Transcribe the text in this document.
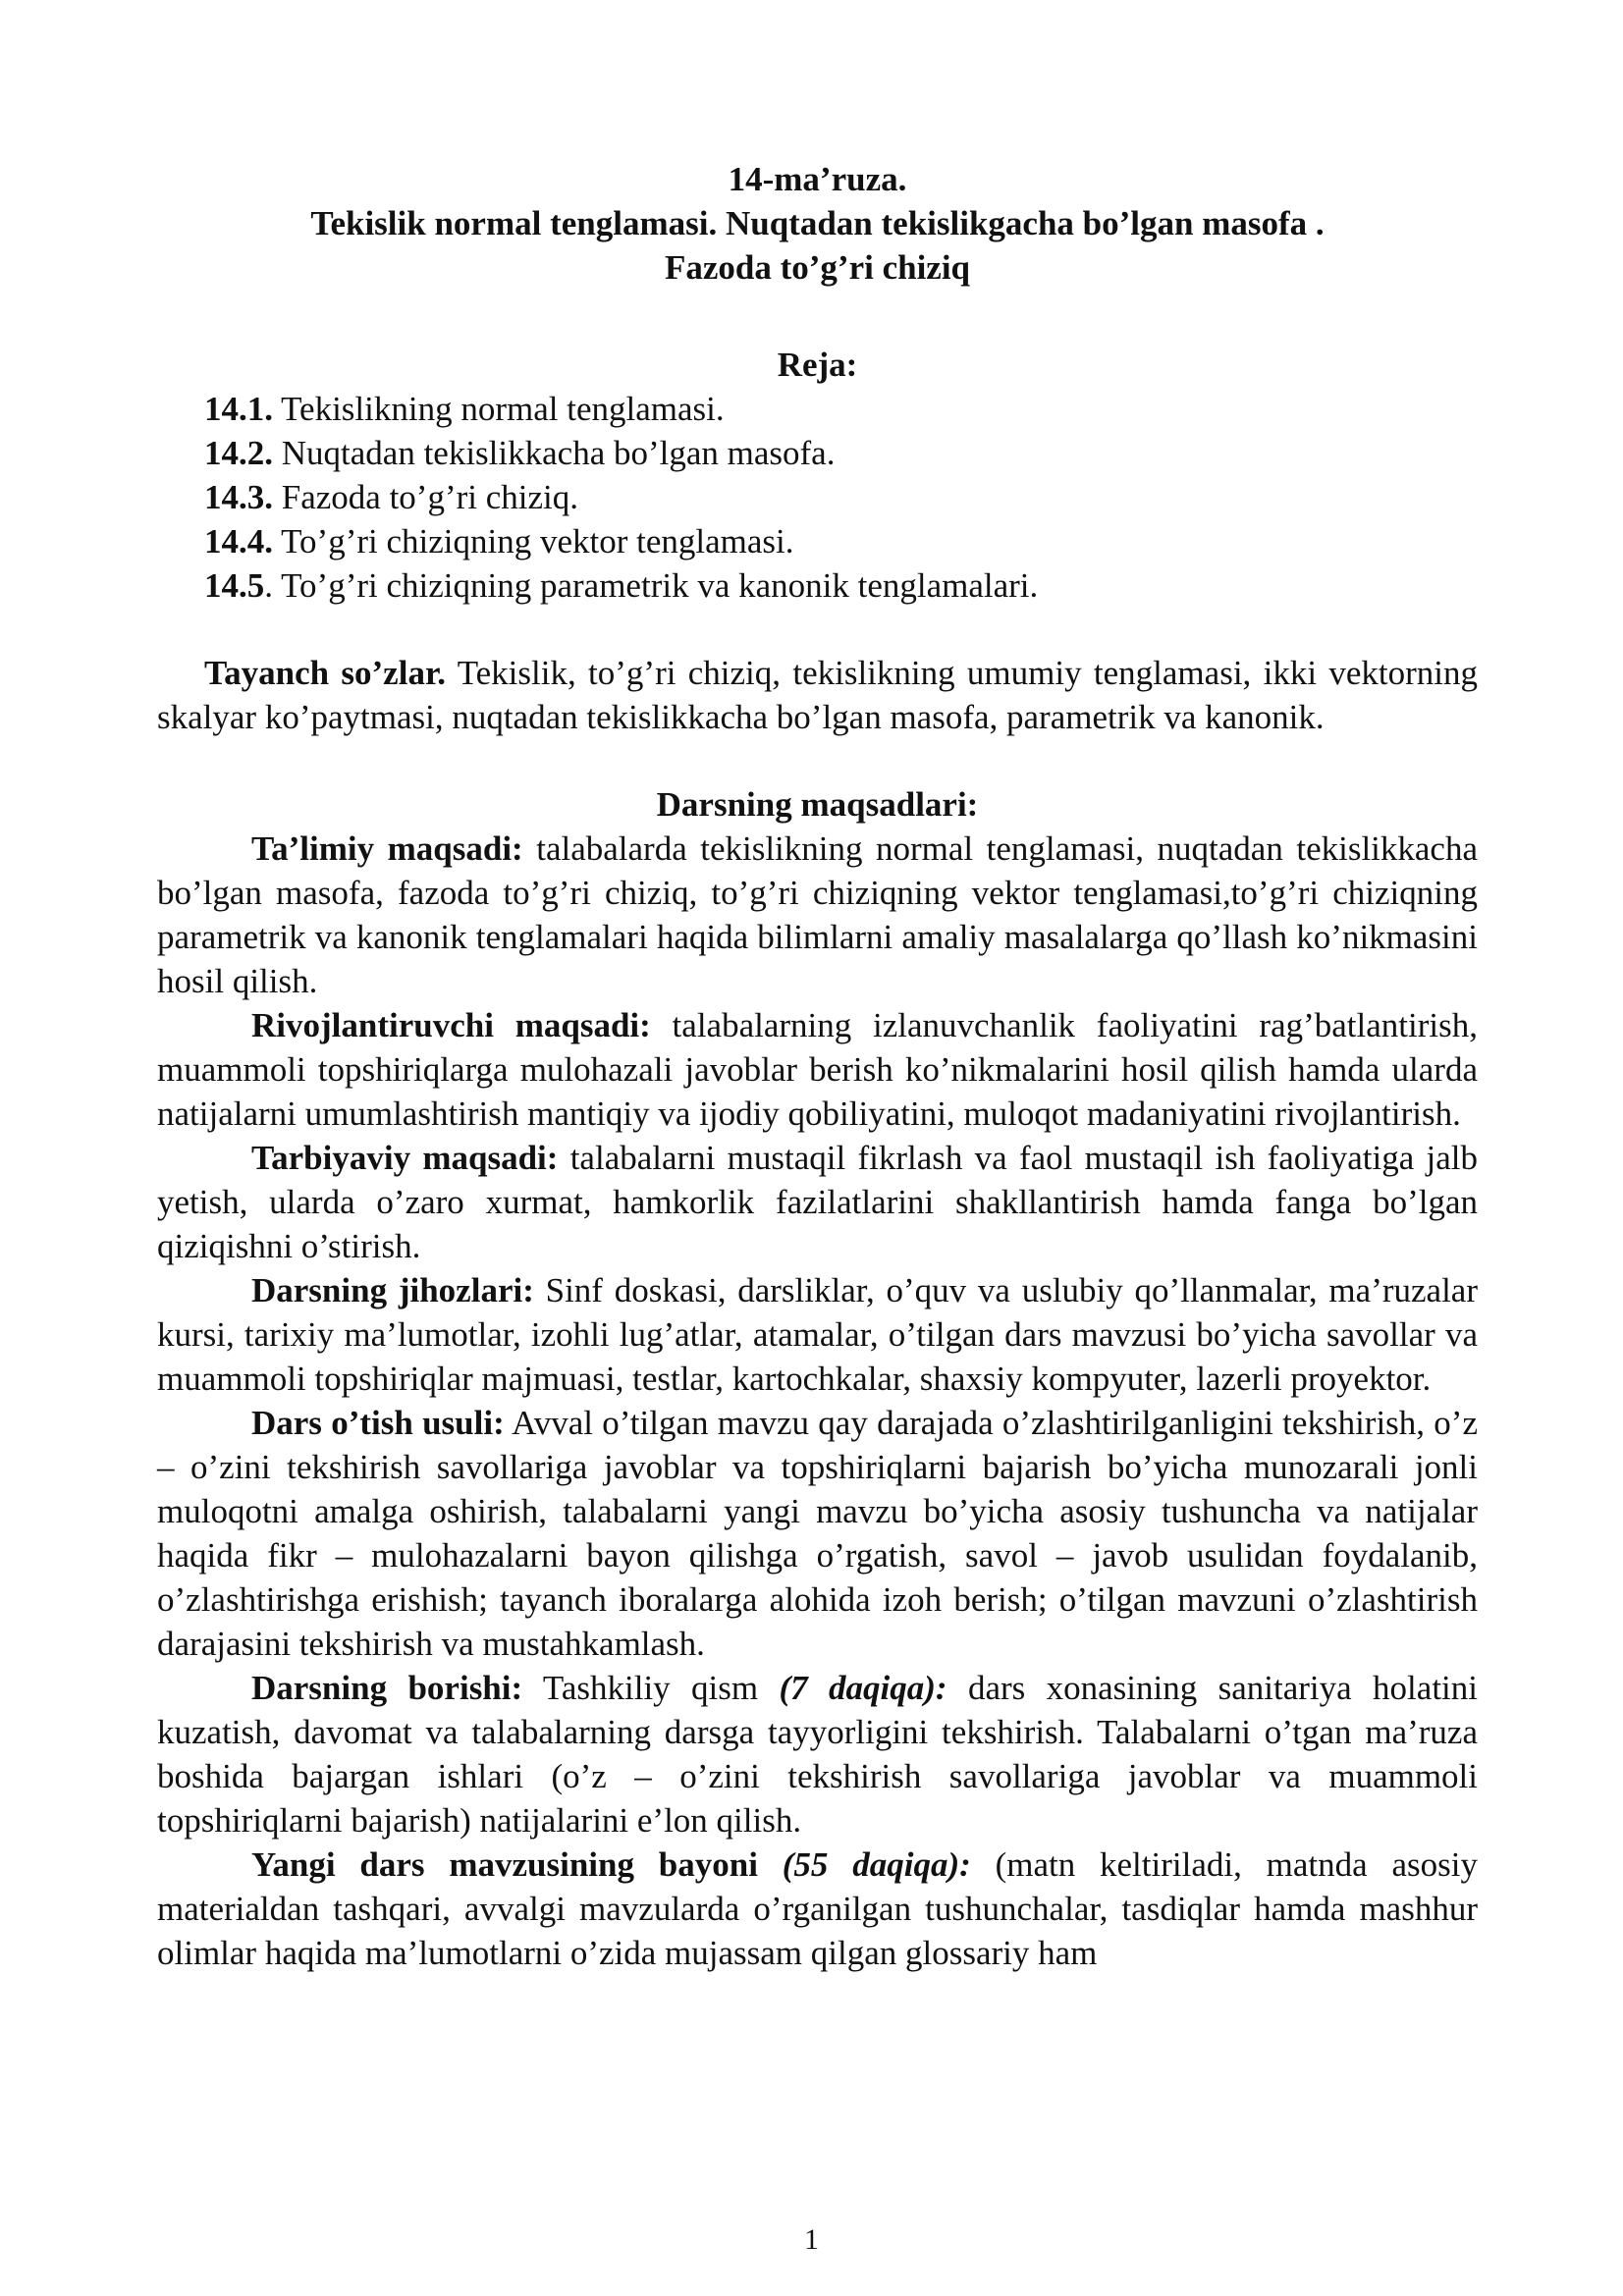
14-ma’ruza.
Tekislik normal tenglamasi. Nuqtadan tekislikgacha bo’lgan masofa .
Fazoda to’g’ri chiziq
Reja:
14.1. Tekislikning normal tenglamasi.
14.2. Nuqtadan tekislikkacha bo’lgan masofa.
14.3. Fazoda to’g’ri chiziq.
14.4. To’g’ri chiziqning vektor tenglamasi.
14.5. To’g’ri chiziqning parametrik va kanonik tenglamalari.

Tayanch so’zlar. Tekislik, to’g’ri chiziq, tekislikning umumiy tenglamasi, ikki vektorning skalyar ko’paytmasi, nuqtadan tekislikkacha bo’lgan masofa, parametrik va kanonik.

Darsning maqsadlari:

Ta’limiy maqsadi: talabalarda tekislikning normal tenglamasi, nuqtadan tekislikkacha bo’lgan masofa, fazoda to’g’ri chiziq, to’g’ri chiziqning vektor tenglamasi,to’g’ri chiziqning parametrik va kanonik tenglamalari haqida bilimlarni amaliy masalalarga qo’llash ko’nikmasini hosil qilish.

Rivojlantiruvchi maqsadi: talabalarning izlanuvchanlik faoliyatini rag’batlantirish, muammoli topshiriqlarga mulohazali javoblar berish ko’nikmalarini hosil qilish hamda ularda natijalarni umumlashtirish mantiqiy va ijodiy qobiliyatini, muloqot madaniyatini rivojlantirish.

Tarbiyaviy maqsadi: talabalarni mustaqil fikrlash va faol mustaqil ish faoliyatiga jalb yetish, ularda o’zaro xurmat, hamkorlik fazilatlarini shakllantirish hamda fanga bo’lgan qiziqishni o’stirish.

Darsning jihozlari: Sinf doskasi, darsliklar, o’quv va uslubiy qo’llanmalar, ma’ruzalar kursi, tarixiy ma’lumotlar, izohli lug’atlar, atamalar, o’tilgan dars mavzusi bo’yicha savollar va muammoli topshiriqlar majmuasi, testlar, kartochkalar, shaxsiy kompyuter, lazerli proyektor.

Dars o’tish usuli: Avval o’tilgan mavzu qay darajada o’zlashtirilganligini tekshirish, o’z – o’zini tekshirish savollariga javoblar va topshiriqlarni bajarish bo’yicha munozarali jonli muloqotni amalga oshirish, talabalarni yangi mavzu bo’yicha asosiy tushuncha va natijalar haqida fikr – mulohazalarni bayon qilishga o’rgatish, savol – javob usulidan foydalanib, o’zlashtirishga erishish; tayanch iboralarga alohida izoh berish; o’tilgan mavzuni o’zlashtirish darajasini tekshirish va mustahkamlash.

Darsning borishi: Tashkiliy qism (7 daqiqa): dars xonasining sanitariya holatini kuzatish, davomat va talabalarning darsga tayyorligini tekshirish. Talabalarni o’tgan ma’ruza boshida bajargan ishlari (o’z – o’zini tekshirish savollariga javoblar va muammoli topshiriqlarni bajarish) natijalarini e’lon qilish.

Yangi dars mavzusining bayoni (55 daqiqa): (matn keltiriladi, matnda asosiy materialdan tashqari, avvalgi mavzularda o’rganilgan tushunchalar, tasdiqlar hamda mashhur olimlar haqida ma’lumotlarni o’zida mujassam qilgan glossariy ham

1
